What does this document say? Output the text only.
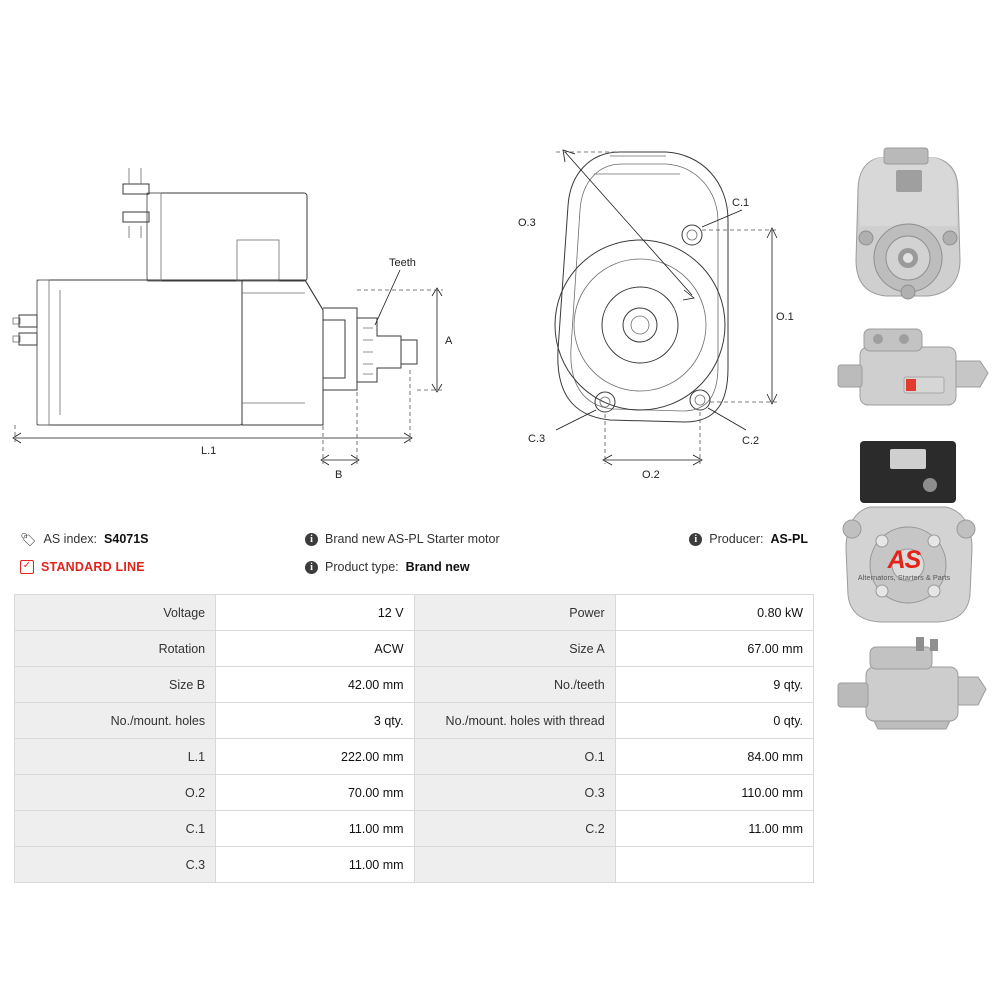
Teeth
A
L.1
B
O.3
C.1
C.2
C.3
O.1
O.2
🏷 AS index: S4071S
✓ STANDARD LINE
i Brand new AS-PL Starter motor
i Product type: Brand new
i Producer: AS-PL
AS
Alternators, Starters & Parts
Voltage	12 V	Power	0.80 kW
Rotation	ACW	Size A	67.00 mm
Size B	42.00 mm	No./teeth	9 qty.
No./mount. holes	3 qty.	No./mount. holes with thread	0 qty.
L.1	222.00 mm	O.1	84.00 mm
O.2	70.00 mm	O.3	110.00 mm
C.1	11.00 mm	C.2	11.00 mm
C.3	11.00 mm		
